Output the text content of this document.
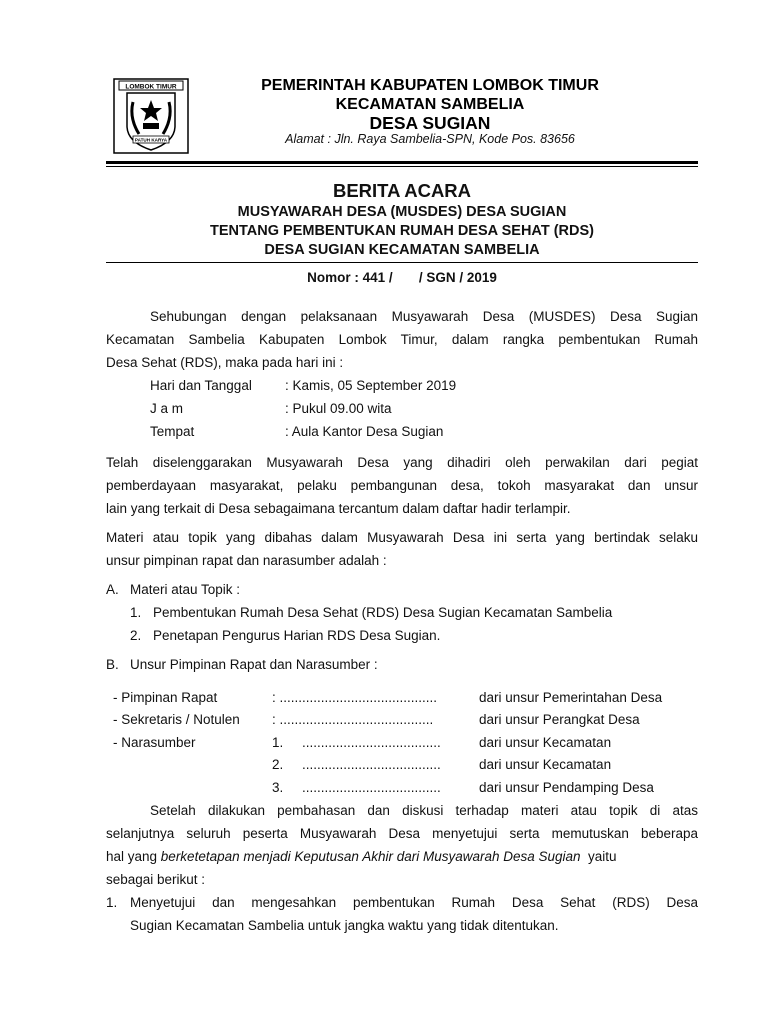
LOMBOK TIMUR
PATUH KARYA
PEMERINTAH KABUPATEN LOMBOK TIMUR
KECAMATAN SAMBELIA
DESA SUGIAN
Alamat : Jln. Raya Sambelia-SPN, Kode Pos. 83656
BERITA ACARA
MUSYAWARAH DESA (MUSDES) DESA SUGIAN
TENTANG PEMBENTUKAN RUMAH DESA SEHAT (RDS)
DESA SUGIAN KECAMATAN SAMBELIA
Nomor : 441 /       / SGN / 2019
Sehubungan dengan pelaksanaan Musyawarah Desa (MUSDES) Desa Sugian
Kecamatan Sambelia Kabupaten Lombok Timur, dalam rangka pembentukan Rumah
Desa Sehat (RDS), maka pada hari ini :
Hari dan Tanggal : Kamis, 05 September 2019
J a m	: Pukul 09.00 wita
Tempat	: Aula Kantor Desa Sugian
Telah diselenggarakan Musyawarah Desa yang dihadiri oleh perwakilan dari pegiat
pemberdayaan masyarakat, pelaku pembangunan desa, tokoh masyarakat dan unsur
lain yang terkait di Desa sebagaimana tercantum dalam daftar hadir terlampir.
Materi atau topik yang dibahas dalam Musyawarah Desa ini serta yang bertindak selaku
unsur pimpinan rapat dan narasumber adalah :
A. Materi atau Topik :
1. Pembentukan Rumah Desa Sehat (RDS) Desa Sugian Kecamatan Sambelia
2. Penetapan Pengurus Harian RDS Desa Sugian.
B. Unsur Pimpinan Rapat dan Narasumber :
- Pimpinan Rapat	: ..........................................	dari unsur Pemerintahan Desa
- Sekretaris / Notulen : .........................................	dari unsur Perangkat Desa
- Narasumber	1.     .....................................	dari unsur Kecamatan
2.     .....................................	dari unsur Kecamatan
3.     .....................................	dari unsur Pendamping Desa
Setelah dilakukan pembahasan dan diskusi terhadap materi atau topik di atas
selanjutnya seluruh peserta Musyawarah Desa menyetujui serta memutuskan beberapa
hal yang berketetapan menjadi Keputusan Akhir dari Musyawarah Desa Sugian  yaitu
sebagai berikut :
1. Menyetujui dan mengesahkan pembentukan Rumah Desa Sehat (RDS) Desa
Sugian Kecamatan Sambelia untuk jangka waktu yang tidak ditentukan.
